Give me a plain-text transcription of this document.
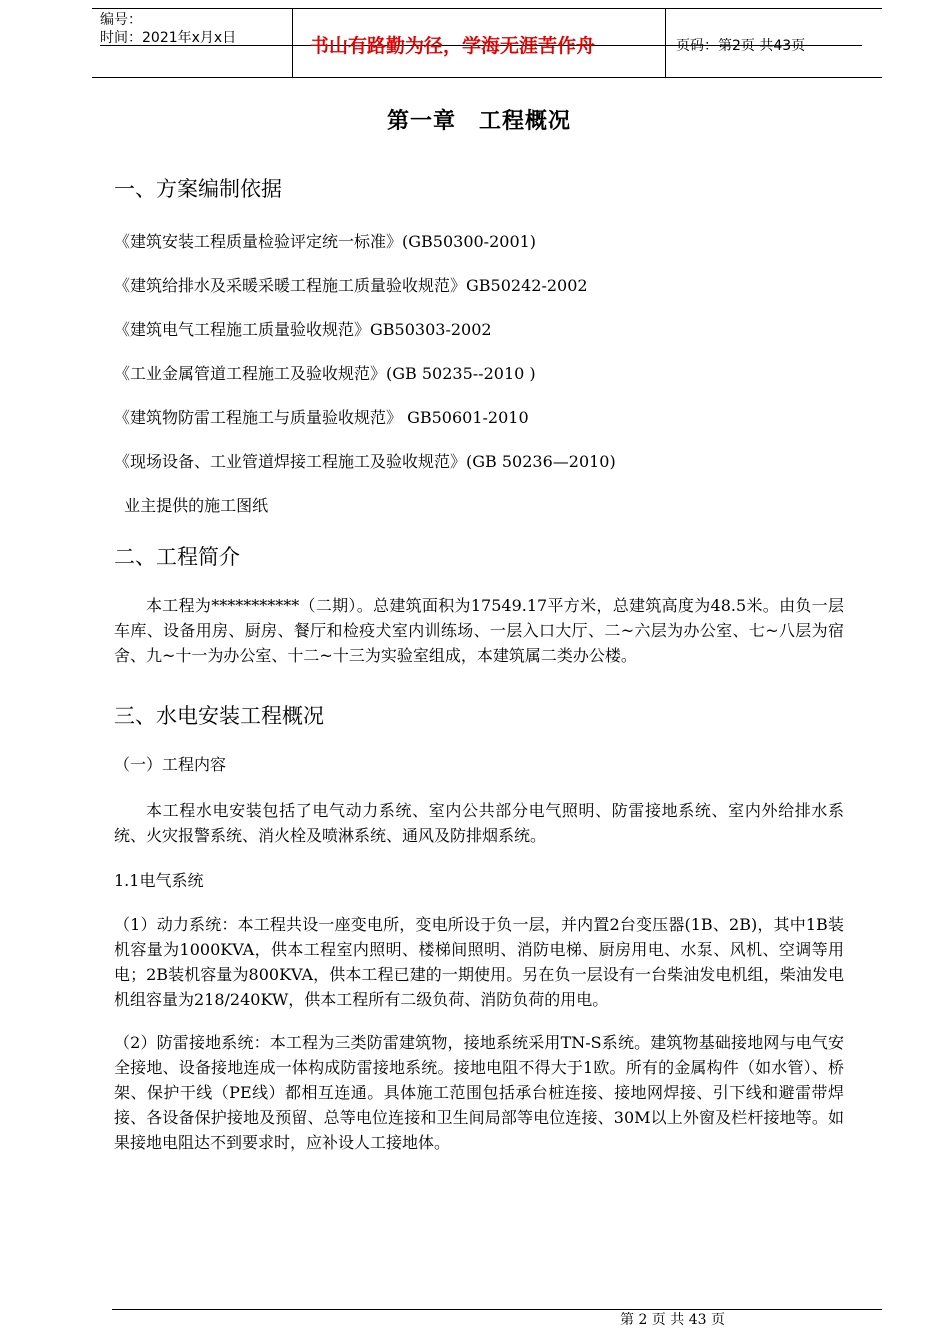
编号：
时间：2021年x月x日	书山有路勤为径，学海无涯苦作舟	页码：第2页 共43页
第一章　工程概况
一、方案编制依据
《建筑安装工程质量检验评定统一标准》(GB50300-2001)
《建筑给排水及采暖采暖工程施工质量验收规范》GB50242-2002
《建筑电气工程施工质量验收规范》GB50303-2002
《工业金属管道工程施工及验收规范》(GB 50235--2010 )
《建筑物防雷工程施工与质量验收规范》 GB50601-2010
《现场设备、工业管道焊接工程施工及验收规范》(GB 50236—2010)
业主提供的施工图纸
二、工程简介
本工程为***********（二期）。总建筑面积为17549.17平方米，总建筑高度为48.5米。由负一层车库、设备用房、厨房、餐厅和检疫犬室内训练场、一层入口大厅、二~六层为办公室、七~八层为宿舍、九~十一为办公室、十二~十三为实验室组成，本建筑属二类办公楼。
三、水电安装工程概况
（一）工程内容
本工程水电安装包括了电气动力系统、室内公共部分电气照明、防雷接地系统、室内外给排水系统、火灾报警系统、消火栓及喷淋系统、通风及防排烟系统。
1.1电气系统
（1）动力系统：本工程共设一座变电所，变电所设于负一层，并内置2台变压器(1B、2B)，其中1B装机容量为1000KVA，供本工程室内照明、楼梯间照明、消防电梯、厨房用电、水泵、风机、空调等用电；2B装机容量为800KVA，供本工程已建的一期使用。另在负一层设有一台柴油发电机组，柴油发电机组容量为218/240KW，供本工程所有二级负荷、消防负荷的用电。
（2）防雷接地系统：本工程为三类防雷建筑物，接地系统采用TN-S系统。建筑物基础接地网与电气安全接地、设备接地连成一体构成防雷接地系统。接地电阻不得大于1欧。所有的金属构件（如水管）、桥架、保护干线（PE线）都相互连通。具体施工范围包括承台桩连接、接地网焊接、引下线和避雷带焊接、各设备保护接地及预留、总等电位连接和卫生间局部等电位连接、30M以上外窗及栏杆接地等。如果接地电阻达不到要求时，应补设人工接地体。
第 2 页 共 43 页
